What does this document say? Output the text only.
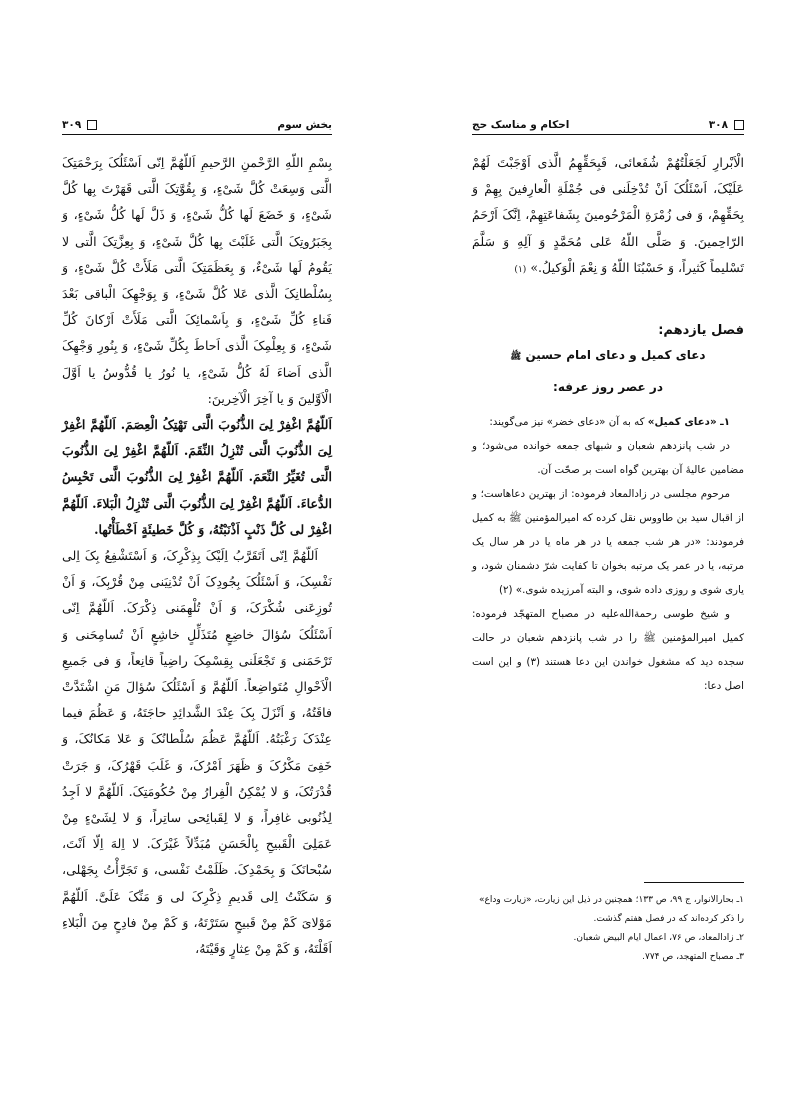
۳۰۹	بخش سوم

بِسْمِ اللّهِ الرَّحْمنِ الرَّحیمِ اَللّهُمَّ اِنّی اَسْئَلُکَ بِرَحْمَتِکَ الَّتی وَسِعَتْ کُلَّ شَیْءٍ، وَ بِقُوَّتِکَ الَّتی قَهَرْتَ بِها کُلَّ شَیْءٍ، وَ خَضَعَ لَها کُلُّ شَیْءٍ، وَ ذَلَّ لَها کُلُّ شَیْءٍ، وَ بِجَبَرُوتِکَ الَّتی غَلَبْتَ بِها کُلَّ شَیْءٍ، وَ بِعِزَّتِکَ الَّتی لا یَقُومُ لَها شَیْءٌ، وَ بِعَظَمَتِکَ الَّتی مَلَأَتْ کُلَّ شَیْءٍ، وَ بِسُلْطانِکَ الَّذی عَلا کُلَّ شَیْءٍ، وَ بِوَجْهِکَ الْباقی بَعْدَ فَناءِ کُلِّ شَیْءٍ، وَ بِاَسْمائِکَ الَّتی مَلَأَتْ اَرْکانَ کُلِّ شَیْءٍ، وَ بِعِلْمِکَ الَّذی اَحاطَ بِکُلِّ شَیْءٍ، وَ بِنُورِ وَجْهِکَ الَّذی اَضاءَ لَهُ کُلُّ شَیْءٍ، یا نُورُ یا قُدُّوسُ یا اَوَّلَ الْاَوَّلینَ وَ یا آخِرَ الْآخِرینَ:

اَللّهُمَّ اغْفِرْ لِیَ الذُّنُوبَ الَّتی تَهْتِکُ الْعِصَمَ. اَللّهُمَّ اغْفِرْ لِیَ الذُّنُوبَ الَّتی تُنْزِلُ النِّقَمَ. اَللّهُمَّ اغْفِرْ لِیَ الذُّنُوبَ الَّتی تُغَیِّرُ النِّعَمَ. اَللّهُمَّ اغْفِرْ لِیَ الذُّنُوبَ الَّتی تَحْبِسُ الدُّعاءَ. اَللّهُمَّ اغْفِرْ لِیَ الذُّنُوبَ الَّتی تُنْزِلُ الْبَلاءَ. اَللّهُمَّ اغْفِرْ لی کُلَّ ذَنْبٍ اَذْنَبْتُهُ، وَ کُلَّ خَطیئَةٍ اَخْطَأْتُها.

اَللّهُمَّ اِنّی اَتَقَرَّبُ اِلَیْکَ بِذِکْرِکَ، وَ اَسْتَشْفِعُ بِکَ اِلی نَفْسِکَ، وَ اَسْئَلُکَ بِجُودِکَ اَنْ تُدْنِیَنی مِنْ قُرْبِکَ، وَ اَنْ تُوزِعَنی شُکْرَکَ، وَ اَنْ تُلْهِمَنی ذِکْرَکَ. اَللّهُمَّ اِنّی اَسْئَلُکَ سُؤالَ خاضِعٍ مُتَذَلِّلٍ خاشِعٍ اَنْ تُسامِحَنی وَ تَرْحَمَنی وَ تَجْعَلَنی بِقِسْمِکَ راضِیاً قانِعاً، وَ فی جَمیعِ الْاَحْوالِ مُتَواضِعاً. اَللّهُمَّ وَ اَسْئَلُکَ سُؤالَ مَنِ اشْتَدَّتْ فاقَتُهُ، وَ اَنْزَلَ بِکَ عِنْدَ الشَّدائِدِ حاجَتَهُ، وَ عَظُمَ فیما عِنْدَکَ رَغْبَتُهُ. اَللّهُمَّ عَظُمَ سُلْطانُکَ وَ عَلا مَکانُکَ، وَ خَفِیَ مَکْرُکَ وَ ظَهَرَ اَمْرُکَ، وَ غَلَبَ قَهْرُکَ، وَ جَرَتْ قُدْرَتُکَ، وَ لا یُمْکِنُ الْفِرارُ مِنْ حُکُومَتِکَ. اَللّهُمَّ لا اَجِدُ لِذُنُوبی غافِراً، وَ لا لِقَبائِحی ساتِراً، وَ لا لِشَیْءٍ مِنْ عَمَلِیَ الْقَبیحِ بِالْحَسَنِ مُبَدِّلاً غَیْرَکَ. لا اِلهَ اِلّا اَنْتَ، سُبْحانَکَ وَ بِحَمْدِکَ. ظَلَمْتُ نَفْسی، وَ تَجَرَّأْتُ بِجَهْلی، وَ سَکَنْتُ اِلی قَدیمِ ذِکْرِکَ لی وَ مَنِّکَ عَلَیَّ. اَللّهُمَّ مَوْلایَ کَمْ مِنْ قَبیحٍ سَتَرْتَهُ، وَ کَمْ مِنْ فادِحٍ مِنَ الْبَلاءِ اَقَلْتَهُ، وَ کَمْ مِنْ عِثارٍ وَقَیْتَهُ،

احکام و مناسک حج	۳۰۸
الْاَبْرارِ لَجَعَلْتُهُمْ شُفَعائی، فَبِحَقِّهِمُ الَّذی اَوْجَبْتَ لَهُمْ عَلَیْکَ، اَسْئَلُکَ اَنْ تُدْخِلَنی فی جُمْلَةِ الْعارِفینَ بِهِمْ وَ بِحَقِّهِمْ، وَ فی زُمْرَةِ الْمَرْحُومینَ بِشَفاعَتِهِمْ، اِنَّکَ اَرْحَمُ الرّاحِمینَ. وَ صَلَّی اللّهُ عَلی مُحَمَّدٍ وَ آلِهِ وَ سَلَّمَ تَسْلیماً کَثیراً، وَ حَسْبُنَا اللّهُ وَ نِعْمَ الْوَکیلُ.» (۱)
فصل یازدهم:
دعای کمیل و دعای امام حسین ﷺ
در عصر روز عرفه:

۱ـ «دعای کمیل» که به آن «دعای خضر» نیز می‌گویند:

در شب پانزدهم شعبان و شبهای جمعه خوانده می‌شود؛ و مضامین عالیهٔ آن بهترین گواه است بر صحّت آن.

مرحوم مجلسی در زادالمعاد فرموده: از بهترین دعاهاست؛ و از اقبال سید بن طاووس نقل کرده که امیرالمؤمنین ﷺ به کمیل فرمودند: «در هر شب جمعه یا در هر ماه یا در هر سال یک مرتبه، یا در عمر یک مرتبه بخوان تا کفایت شرّ دشمنان شود، و یاری شوی و روزی داده شوی، و البته آمرزیده شوی.» (۲)

و شیخ طوسی رحمةالله‌علیه در مصباح المتهجّد فرموده: کمیل امیرالمؤمنین ﷺ را در شب پانزدهم شعبان در حالت سجده دید که مشغول خواندن این دعا هستند (۳) و این است اصل دعا:

۱ـ بحارالانوار، ج ۹۹، ص ۱۳۳؛ همچنین در ذیل این زیارت، «زیارت وداع» را ذکر کرده‌اند که در فصل هفتم گذشت.

۲ـ زادالمعاد، ص ۷۶، اعمال ایام البیض شعبان.

۳ـ مصباح المتهجد، ص ۷۷۴.
